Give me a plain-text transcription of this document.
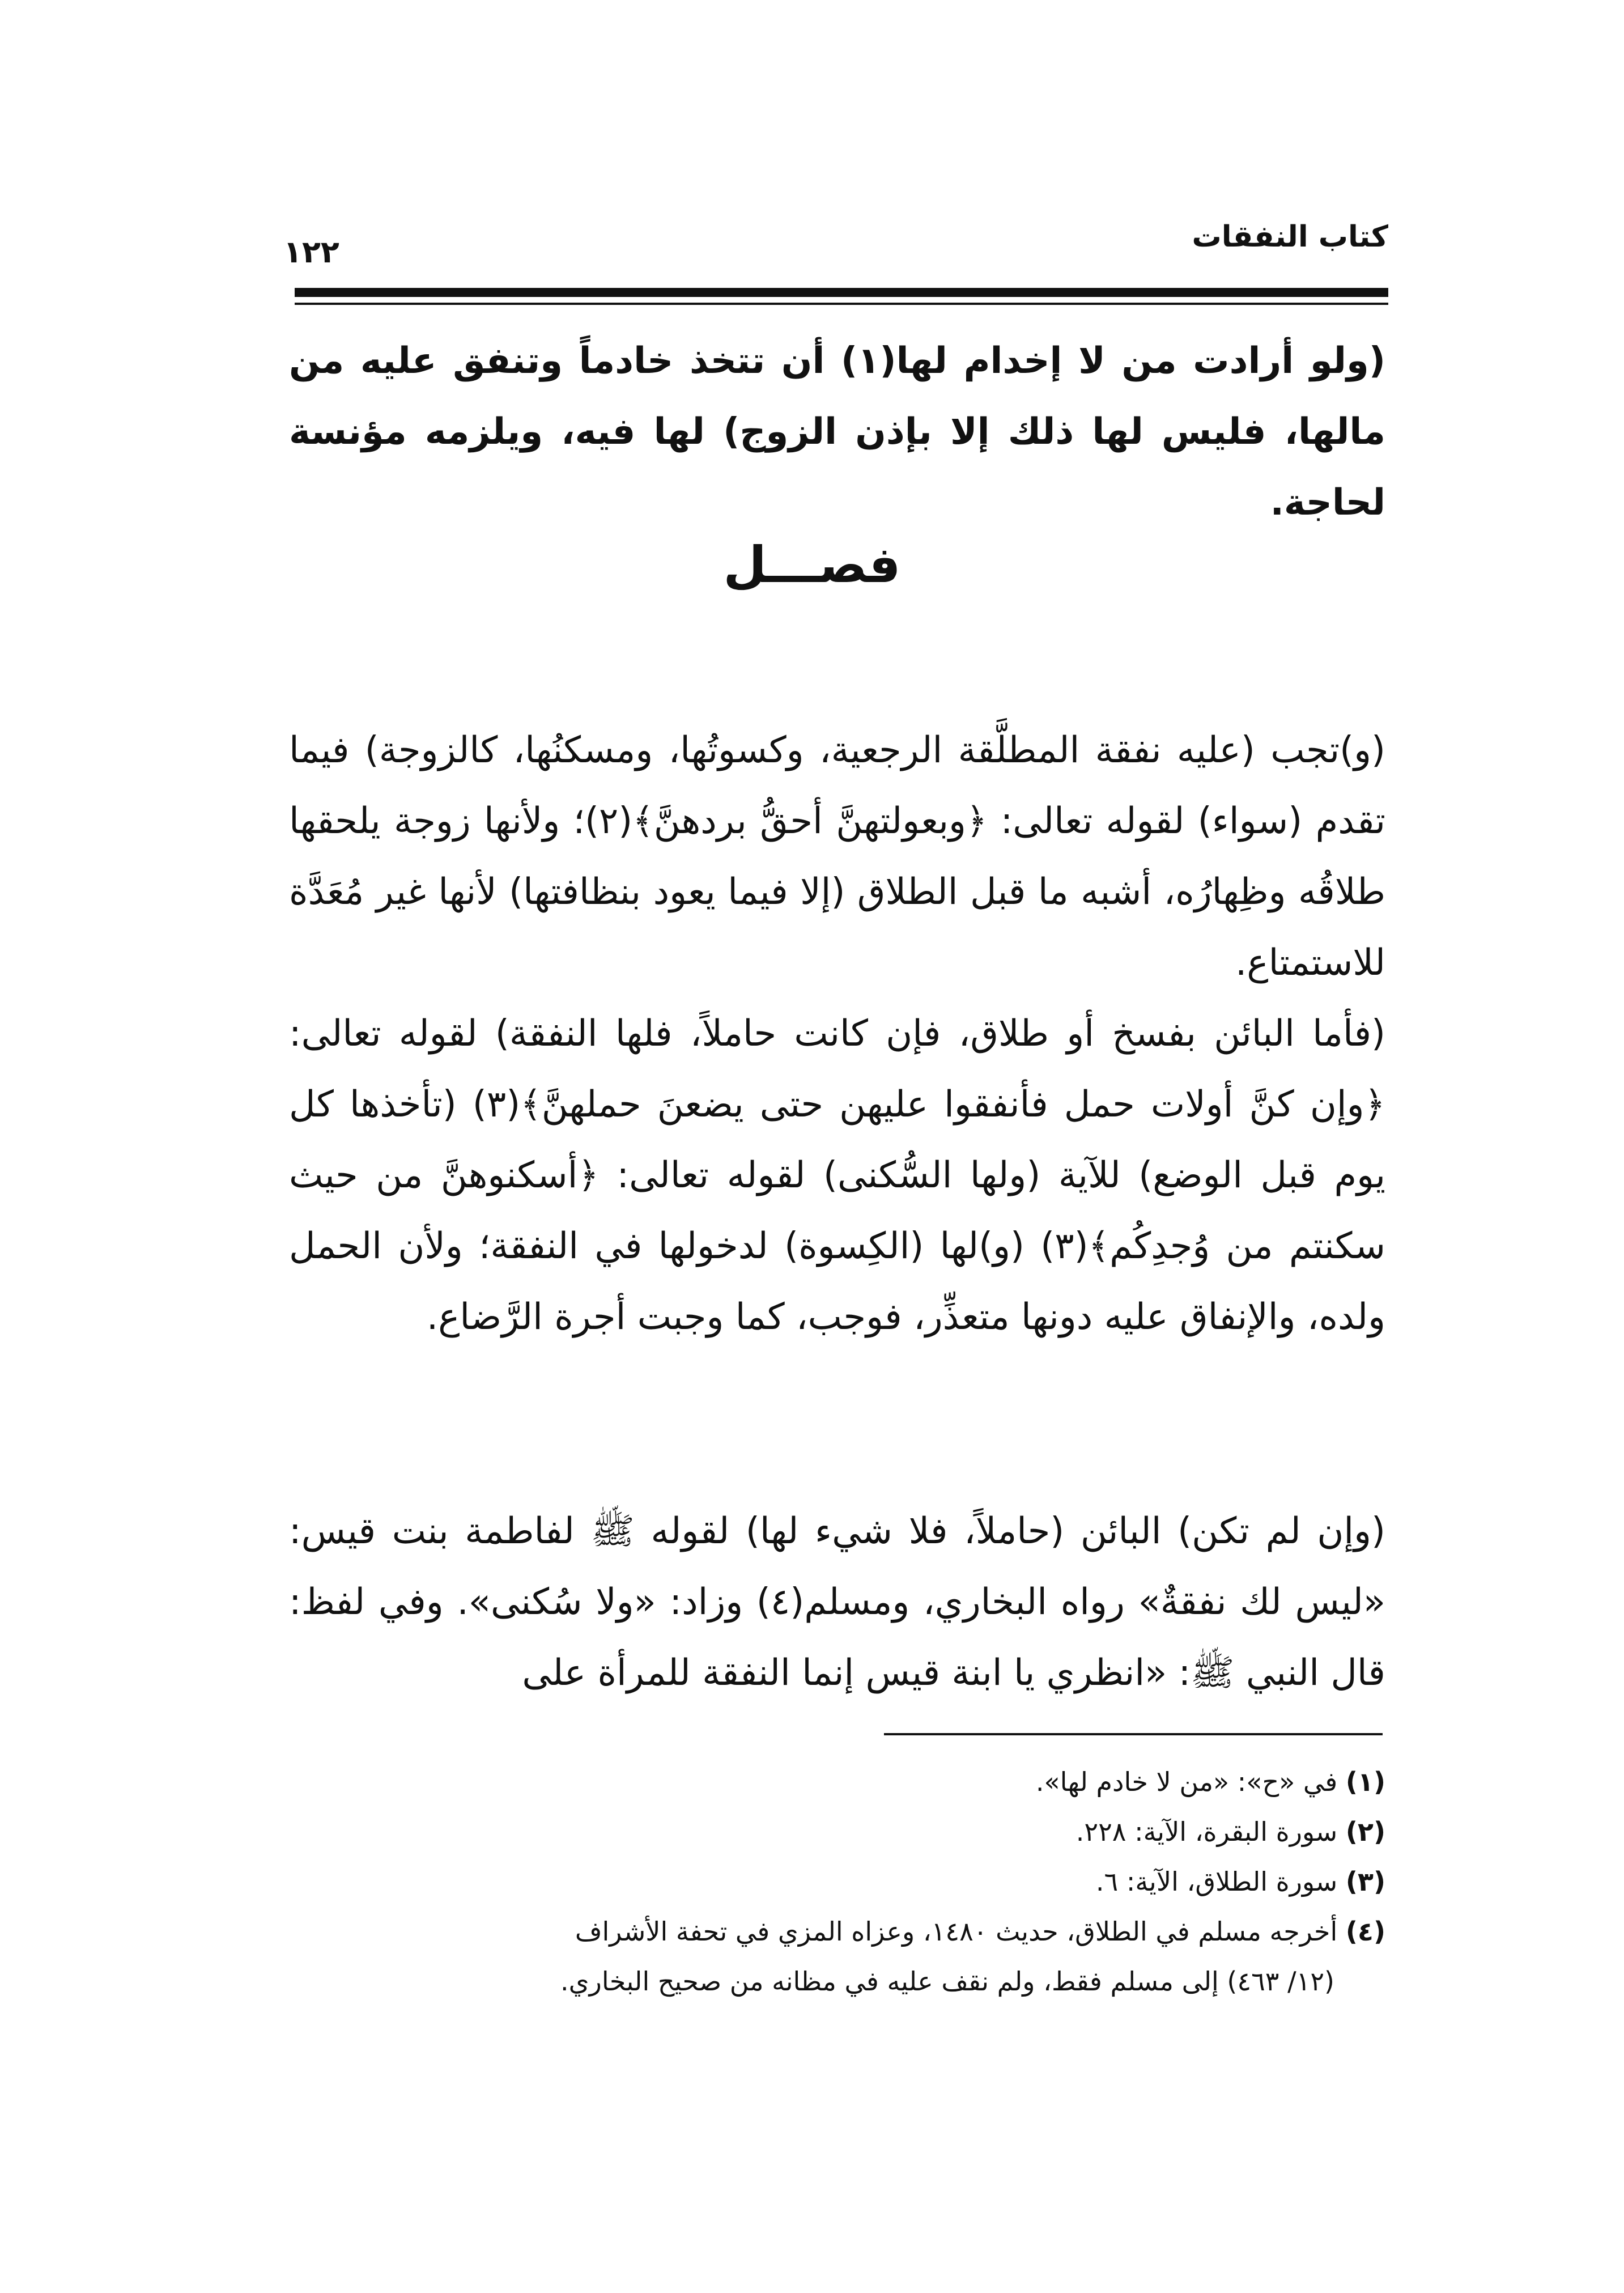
كتاب النفقات
١٢٢

(ولو أرادت من لا إخدام لها(١) أن تتخذ خادماً وتنفق عليه من مالها، فليس لها ذلك إلا بإذن الزوج) لها فيه، ويلزمه مؤنسة لحاجة.

فصـــل

(و)تجب (عليه نفقة المطلَّقة الرجعية، وكسوتُها، ومسكنُها، كالزوجة) فيما تقدم (سواء) لقوله تعالى: ﴿وبعولتهنَّ أحقُّ بردهنَّ﴾(٢)؛ ولأنها زوجة يلحقها طلاقُه وظِهارُه، أشبه ما قبل الطلاق (إلا فيما يعود بنظافتها) لأنها غير مُعَدَّة للاستمتاع.

(فأما البائن بفسخ أو طلاق، فإن كانت حاملاً، فلها النفقة) لقوله تعالى: ﴿وإن كنَّ أولات حمل فأنفقوا عليهن حتى يضعنَ حملهنَّ﴾(٣) (تأخذها كل يوم قبل الوضع) للآية (ولها السُّكنى) لقوله تعالى: ﴿أسكنوهنَّ من حيث سكنتم من وُجدِكُم﴾(٣) (و)لها (الكِسوة) لدخولها في النفقة؛ ولأن الحمل ولده، والإنفاق عليه دونها متعذِّر، فوجب، كما وجبت أجرة الرَّضاع.

(وإن لم تكن) البائن (حاملاً، فلا شيء لها) لقوله ﷺ لفاطمة بنت قيس: «ليس لك نفقةٌ» رواه البخاري، ومسلم(٤) وزاد: «ولا سُكنى». وفي لفظ: قال النبي ﷺ: «انظري يا ابنة قيس إنما النفقة للمرأة على

(١) في «ح»: «من لا خادم لها».

(٢) سورة البقرة، الآية: ٢٢٨.

(٣) سورة الطلاق، الآية: ٦.

(٤) أخرجه مسلم في الطلاق، حديث ١٤٨٠، وعزاه المزي في تحفة الأشراف

(١٢/ ٤٦٣) إلى مسلم فقط، ولم نقف عليه في مظانه من صحيح البخاري.
